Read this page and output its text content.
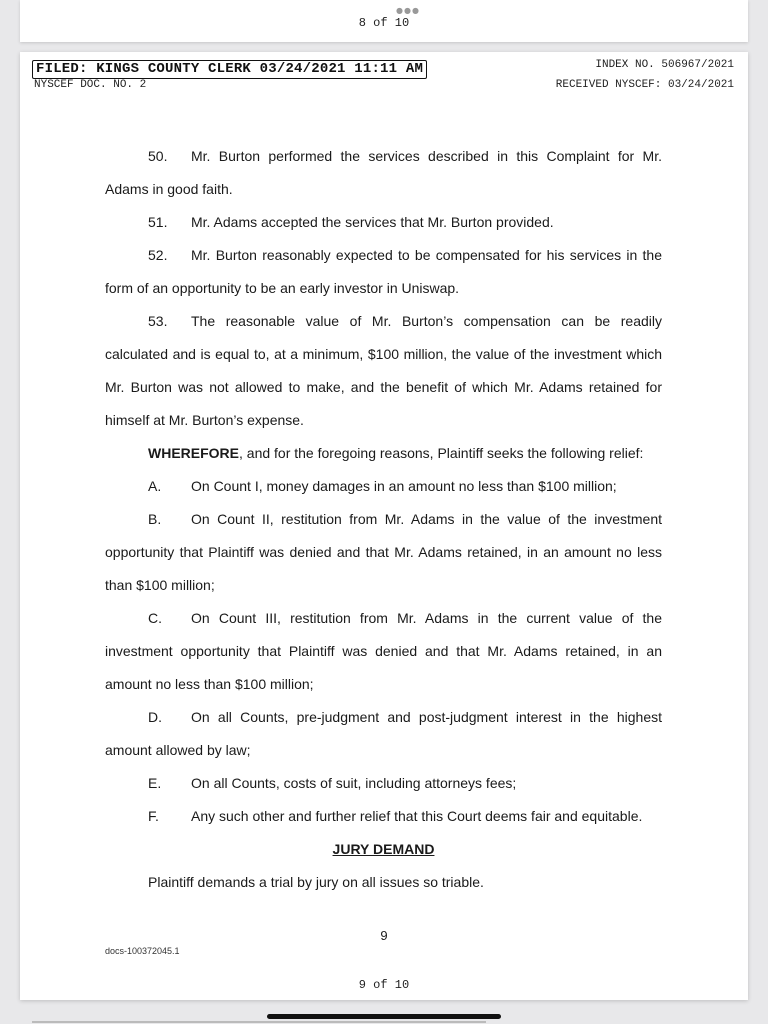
●●●
8 of 10
FILED: KINGS COUNTY CLERK 03/24/2021 11:11 AM	INDEX NO. 506967/2021
NYSCEF DOC. NO. 2	RECEIVED NYSCEF: 03/24/2021

50. Mr. Burton performed the services described in this Complaint for Mr. Adams in good faith.

51. Mr. Adams accepted the services that Mr. Burton provided.

52. Mr. Burton reasonably expected to be compensated for his services in the form of an opportunity to be an early investor in Uniswap.

53. The reasonable value of Mr. Burton’s compensation can be readily calculated and is equal to, at a minimum, $100 million, the value of the investment which Mr. Burton was not allowed to make, and the benefit of which Mr. Adams retained for himself at Mr. Burton’s expense.

WHEREFORE, and for the foregoing reasons, Plaintiff seeks the following relief:

A. On Count I, money damages in an amount no less than $100 million;

B. On Count II, restitution from Mr. Adams in the value of the investment opportunity that Plaintiff was denied and that Mr. Adams retained, in an amount no less than $100 million;

C. On Count III, restitution from Mr. Adams in the current value of the investment opportunity that Plaintiff was denied and that Mr. Adams retained, in an amount no less than $100 million;

D. On all Counts, pre-judgment and post-judgment interest in the highest amount allowed by law;

E. On all Counts, costs of suit, including attorneys fees;

F. Any such other and further relief that this Court deems fair and equitable.

JURY DEMAND

Plaintiff demands a trial by jury on all issues so triable.

9
docs-100372045.1
9 of 10
